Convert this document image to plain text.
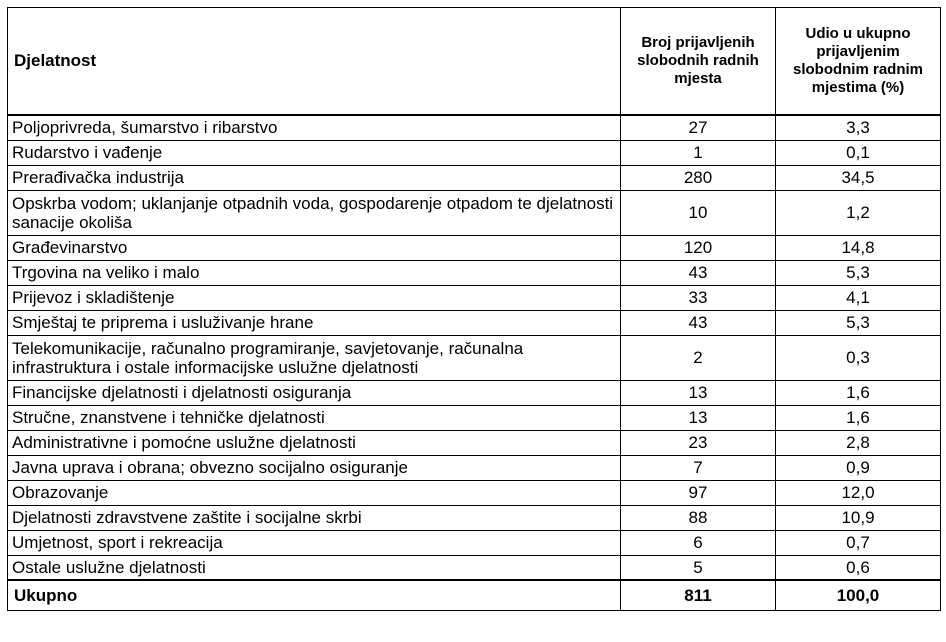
Djelatnost	Broj prijavljenih slobodnih radnih mjesta	Udio u ukupno prijavljenim slobodnim radnim mjestima (%)
Poljoprivreda, šumarstvo i ribarstvo	27	3,3
Rudarstvo i vađenje	1	0,1
Prerađivačka industrija	280	34,5
Opskrba vodom; uklanjanje otpadnih voda, gospodarenje otpadom te djelatnosti sanacije okoliša	10	1,2
Građevinarstvo	120	14,8
Trgovina na veliko i malo	43	5,3
Prijevoz i skladištenje	33	4,1
Smještaj te priprema i usluživanje hrane	43	5,3
Telekomunikacije, računalno programiranje, savjetovanje, računalna infrastruktura i ostale informacijske uslužne djelatnosti	2	0,3
Financijske djelatnosti i djelatnosti osiguranja	13	1,6
Stručne, znanstvene i tehničke djelatnosti	13	1,6
Administrativne i pomoćne uslužne djelatnosti	23	2,8
Javna uprava i obrana; obvezno socijalno osiguranje	7	0,9
Obrazovanje	97	12,0
Djelatnosti zdravstvene zaštite i socijalne skrbi	88	10,9
Umjetnost, sport i rekreacija	6	0,7
Ostale uslužne djelatnosti	5	0,6
Ukupno	811	100,0
